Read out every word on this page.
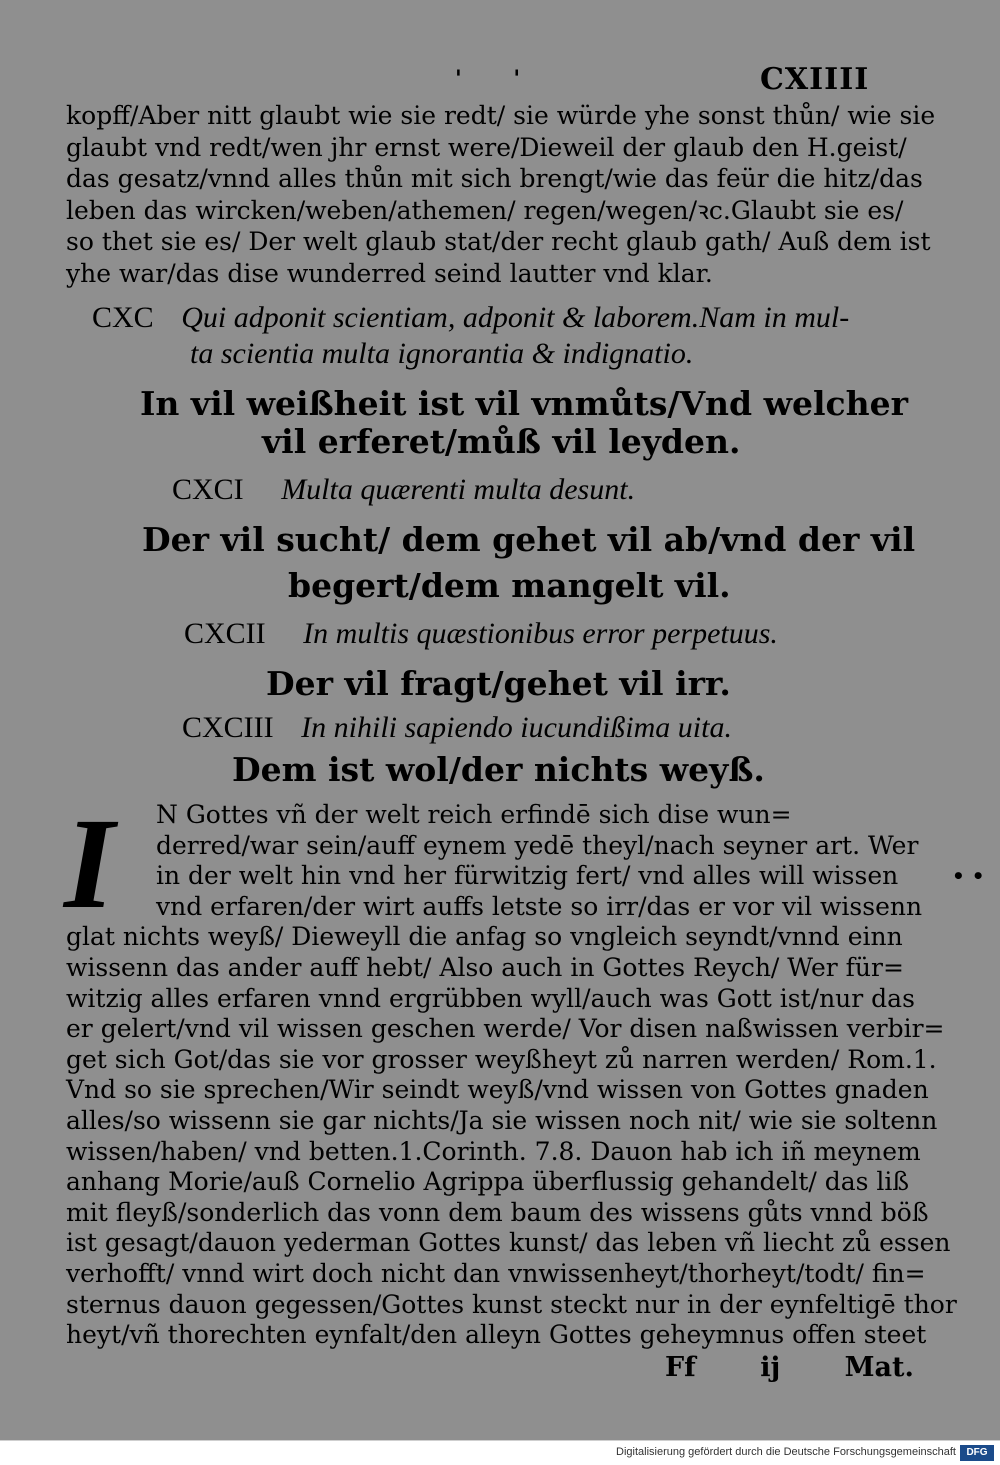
' '	CXIIII
kopff/Aber nitt glaubt wie sie redt/ sie würde yhe sonst thůn/ wie sie
glaubt vnd redt/wen jhr ernst were/Dieweil der glaub den H.geist/
das gesatz/vnnd alles thůn mit sich brengt/wie das feür die hitz/das
leben das wircken/weben/athemen/ regen/wegen/ꝛc.Glaubt sie es/
so thet sie es/ Der welt glaub stat/der recht glaub gath/ Auß dem ist
yhe war/das dise wunderred seind lautter vnd klar.
CXC Qui adponit scientiam, adponit & laborem.Nam in mul-
ta scientia multa ignorantia & indignatio.
In vil weißheit ist vil vnmůts/Vnd welcher
vil erferet/můß vil leyden.
CXCI Multa quærenti multa desunt.
Der vil sucht/ dem gehet vil ab/vnd der vil
begert/dem mangelt vil.
CXCII In multis quæstionibus error perpetuus.
Der vil fragt/gehet vil irr.
CXCIII In nihili sapiendo iucundißima uita.
Dem ist wol/der nichts weyß.
I	N Gottes vñ der welt reich erfindē sich dise wun=
derred/war sein/auff eynem yedē theyl/nach seyner art. Wer
in der welt hin vnd her fürwitzig fert/ vnd alles will wissen
vnd erfaren/der wirt auffs letste so irr/das er vor vil wissenn
glat nichts weyß/ Dieweyll die anfag so vngleich seyndt/vnnd einn
wissenn das ander auff hebt/ Also auch in Gottes Reych/ Wer für=
witzig alles erfaren vnnd ergrübben wyll/auch was Gott ist/nur das
er gelert/vnd vil wissen geschen werde/ Vor disen naßwissen verbir=
get sich Got/das sie vor grosser weyßheyt zů narren werden/ Rom.1.
Vnd so sie sprechen/Wir seindt weyß/vnd wissen von Gottes gnaden
alles/so wissenn sie gar nichts/Ja sie wissen noch nit/ wie sie soltenn
wissen/haben/ vnd betten.1.Corinth. 7.8. Dauon hab ich iñ meynem
anhang Morie/auß Cornelio Agrippa überflussig gehandelt/ das liß
mit fleyß/sonderlich das vonn dem baum des wissens gůts vnnd böß
ist gesagt/dauon yederman Gottes kunst/ das leben vñ liecht zů essen
verhofft/ vnnd wirt doch nicht dan vnwissenheyt/thorheyt/todt/ fin=
sternus dauon gegessen/Gottes kunst steckt nur in der eynfeltigē thor
heyt/vñ thorechten eynfalt/den alleyn Gottes geheymnus offen steet
• •
Ff ij Mat.
Digitalisierung gefördert durch die Deutsche Forschungsgemeinschaft	DFG
